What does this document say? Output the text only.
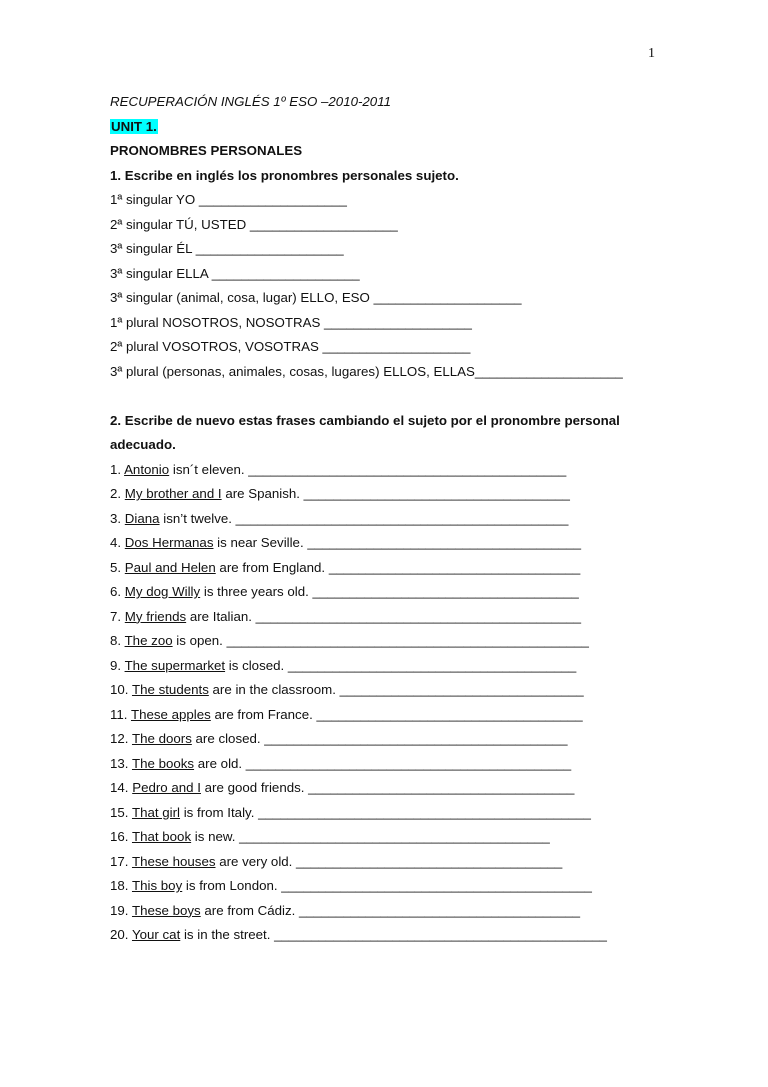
1
RECUPERACIÓN INGLÉS 1º ESO –2010-2011
UNIT 1.
PRONOMBRES PERSONALES
1. Escribe en inglés los pronombres personales sujeto.
1ª singular YO ____________________
2ª singular TÚ, USTED ____________________
3ª singular ÉL ____________________
3ª singular ELLA ____________________
3ª singular (animal, cosa, lugar) ELLO, ESO ____________________
1ª plural NOSOTROS, NOSOTRAS ____________________
2ª plural VOSOTROS, VOSOTRAS ____________________
3ª plural (personas, animales, cosas, lugares) ELLOS, ELLAS____________________
2. Escribe de nuevo estas frases cambiando el sujeto por el pronombre personal
adecuado.
1. Antonio isn´t eleven. ___________________________________________
2. My brother and I are Spanish. ____________________________________
3. Diana isn’t twelve. _____________________________________________
4. Dos Hermanas is near Seville. _____________________________________
5. Paul and Helen are from England. __________________________________
6. My dog Willy is three years old. ____________________________________
7. My friends are Italian. ____________________________________________
8. The zoo is open. _________________________________________________
9. The supermarket is closed. _______________________________________
10. The students are in the classroom. _________________________________
11. These apples are from France. ____________________________________
12. The doors are closed. _________________________________________
13. The books are old. ____________________________________________
14. Pedro and I are good friends. ____________________________________
15. That girl is from Italy. _____________________________________________
16. That book is new. __________________________________________
17. These houses are very old. ____________________________________
18. This boy is from London. __________________________________________
19. These boys are from Cádiz. ______________________________________
20. Your cat is in the street. _____________________________________________
